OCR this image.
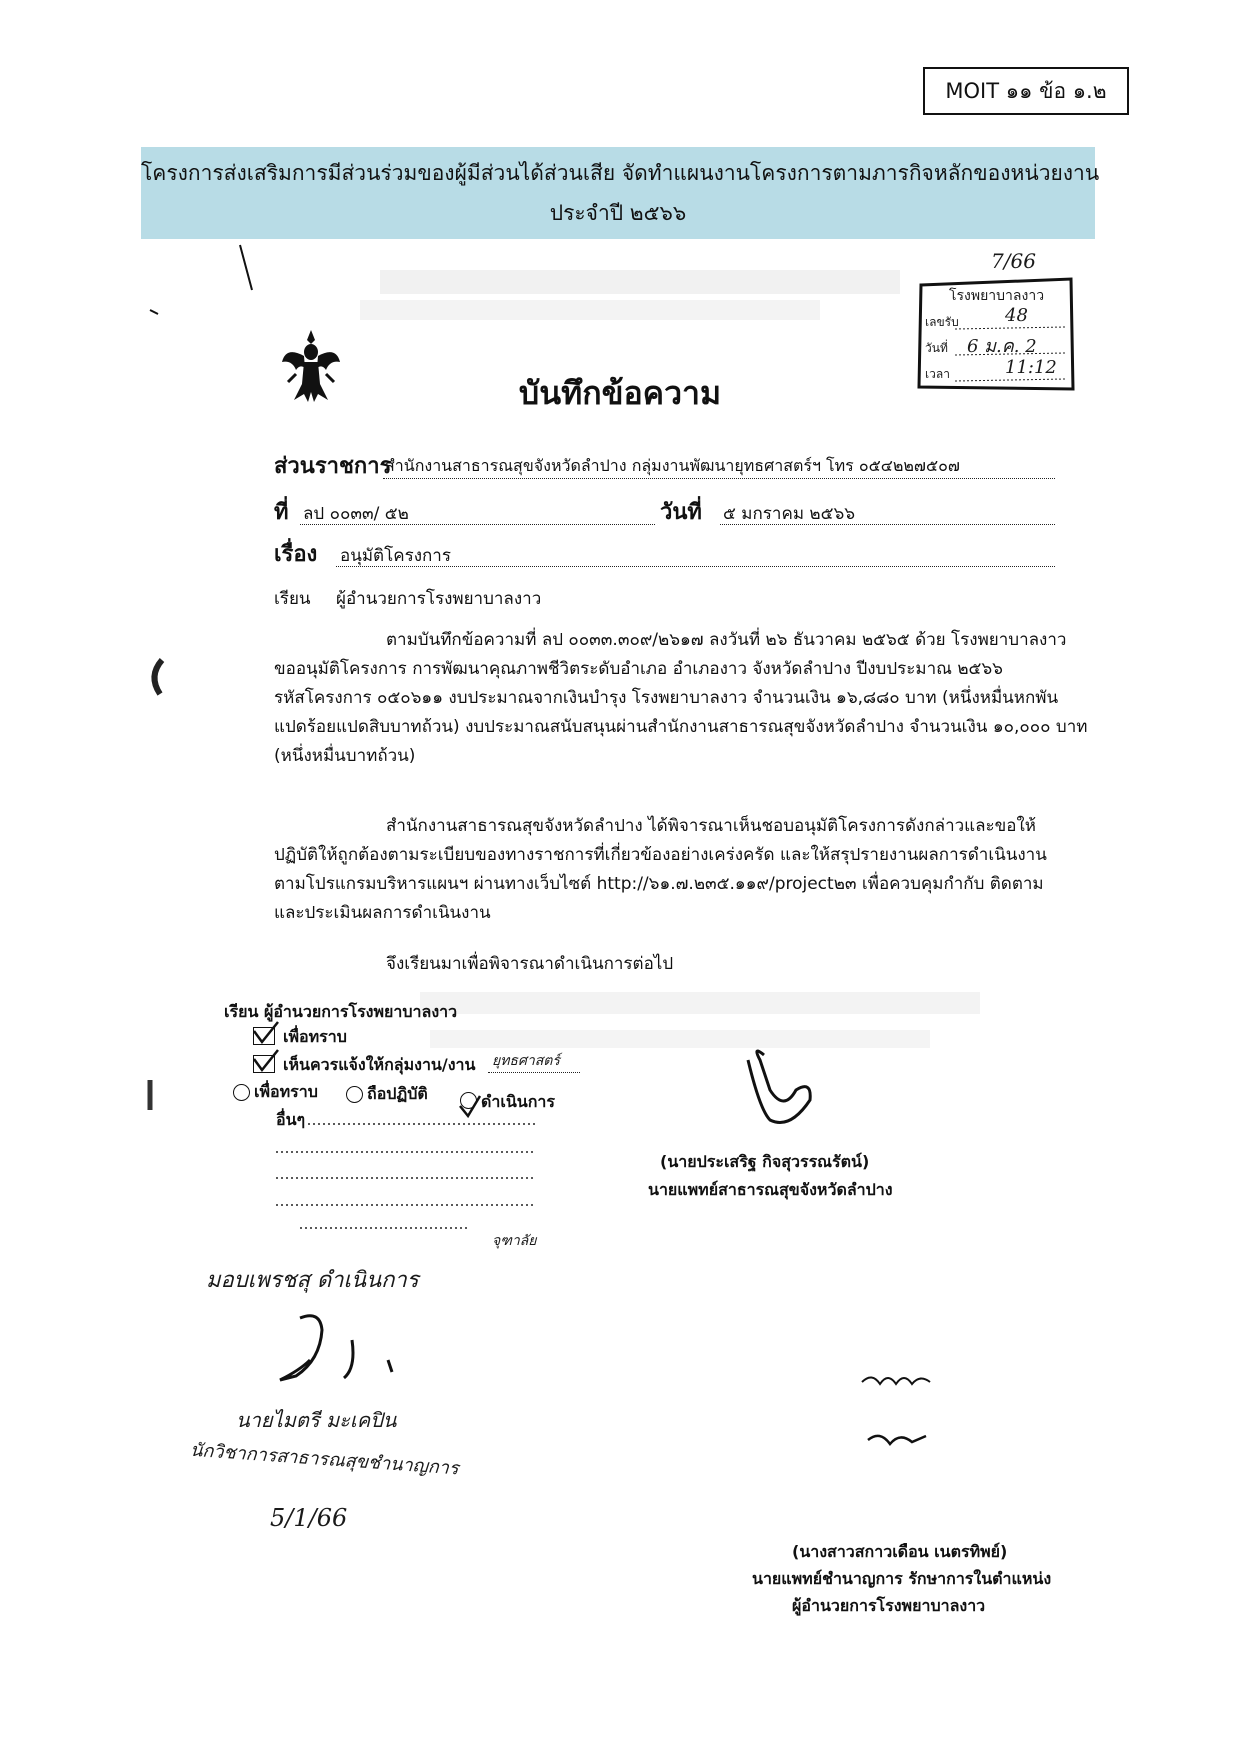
MOIT ๑๑ ข้อ ๑.๒
โครงการส่งเสริมการมีส่วนร่วมของผู้มีส่วนได้ส่วนเสีย จัดทำแผนงานโครงการตามภารกิจหลักของหน่วยงาน
ประจำปี ๒๕๖๖
7/66
โรงพยาบาลงาว
เลขรับ	48
วันที่ 6 ม.ค. 2
เวลา	11:12
บันทึกข้อความ
ส่วนราชการ
สำนักงานสาธารณสุขจังหวัดลำปาง กลุ่มงานพัฒนายุทธศาสตร์ฯ โทร ๐๕๔๒๒๗๕๐๗
ที่ ลป ๐๐๓๓/ ๕๒	วันที่ ๕ มกราคม ๒๕๖๖
เรื่อง อนุมัติโครงการ
เรียน ผู้อำนวยการโรงพยาบาลงาว
ตามบันทึกข้อความที่ ลป ๐๐๓๓.๓๐๙/๒๖๑๗ ลงวันที่ ๒๖ ธันวาคม ๒๕๖๕ ด้วย โรงพยาบาลงาว
ขออนุมัติโครงการ การพัฒนาคุณภาพชีวิตระดับอำเภอ อำเภองาว จังหวัดลำปาง ปีงบประมาณ ๒๕๖๖
รหัสโครงการ ๐๕๐๖๑๑ งบประมาณจากเงินบำรุง โรงพยาบาลงาว จำนวนเงิน ๑๖,๘๘๐ บาท (หนึ่งหมื่นหกพัน
แปดร้อยแปดสิบบาทถ้วน) งบประมาณสนับสนุนผ่านสำนักงานสาธารณสุขจังหวัดลำปาง จำนวนเงิน ๑๐,๐๐๐ บาท
(หนึ่งหมื่นบาทถ้วน)
สำนักงานสาธารณสุขจังหวัดลำปาง ได้พิจารณาเห็นชอบอนุมัติโครงการดังกล่าวและขอให้
ปฏิบัติให้ถูกต้องตามระเบียบของทางราชการที่เกี่ยวข้องอย่างเคร่งครัด และให้สรุปรายงานผลการดำเนินงาน
ตามโปรแกรมบริหารแผนฯ ผ่านทางเว็บไซต์ http://๖๑.๗.๒๓๕.๑๑๙/project๒๓ เพื่อควบคุมกำกับ ติดตาม
และประเมินผลการดำเนินงาน
จึงเรียนมาเพื่อพิจารณาดำเนินการต่อไป
เรียน ผู้อำนวยการโรงพยาบาลงาว
เพื่อทราบ
เห็นควรแจ้งให้กลุ่มงาน/งาน ยุทธศาสตร์
เพื่อทราบ	ถือปฏิบัติ	ดำเนินการ
อื่นๆ
จุฑาลัย
มอบเพรชสุ ดำเนินการ
(นายประเสริฐ กิจสุวรรณรัตน์)
นายแพทย์สาธารณสุขจังหวัดลำปาง
นายไมตรี มะเคปิน
นักวิชาการสาธารณสุขชำนาญการ
5/1/66
(นางสาวสกาวเดือน เนตรทิพย์)
นายแพทย์ชำนาญการ รักษาการในตำแหน่ง
ผู้อำนวยการโรงพยาบาลงาว
